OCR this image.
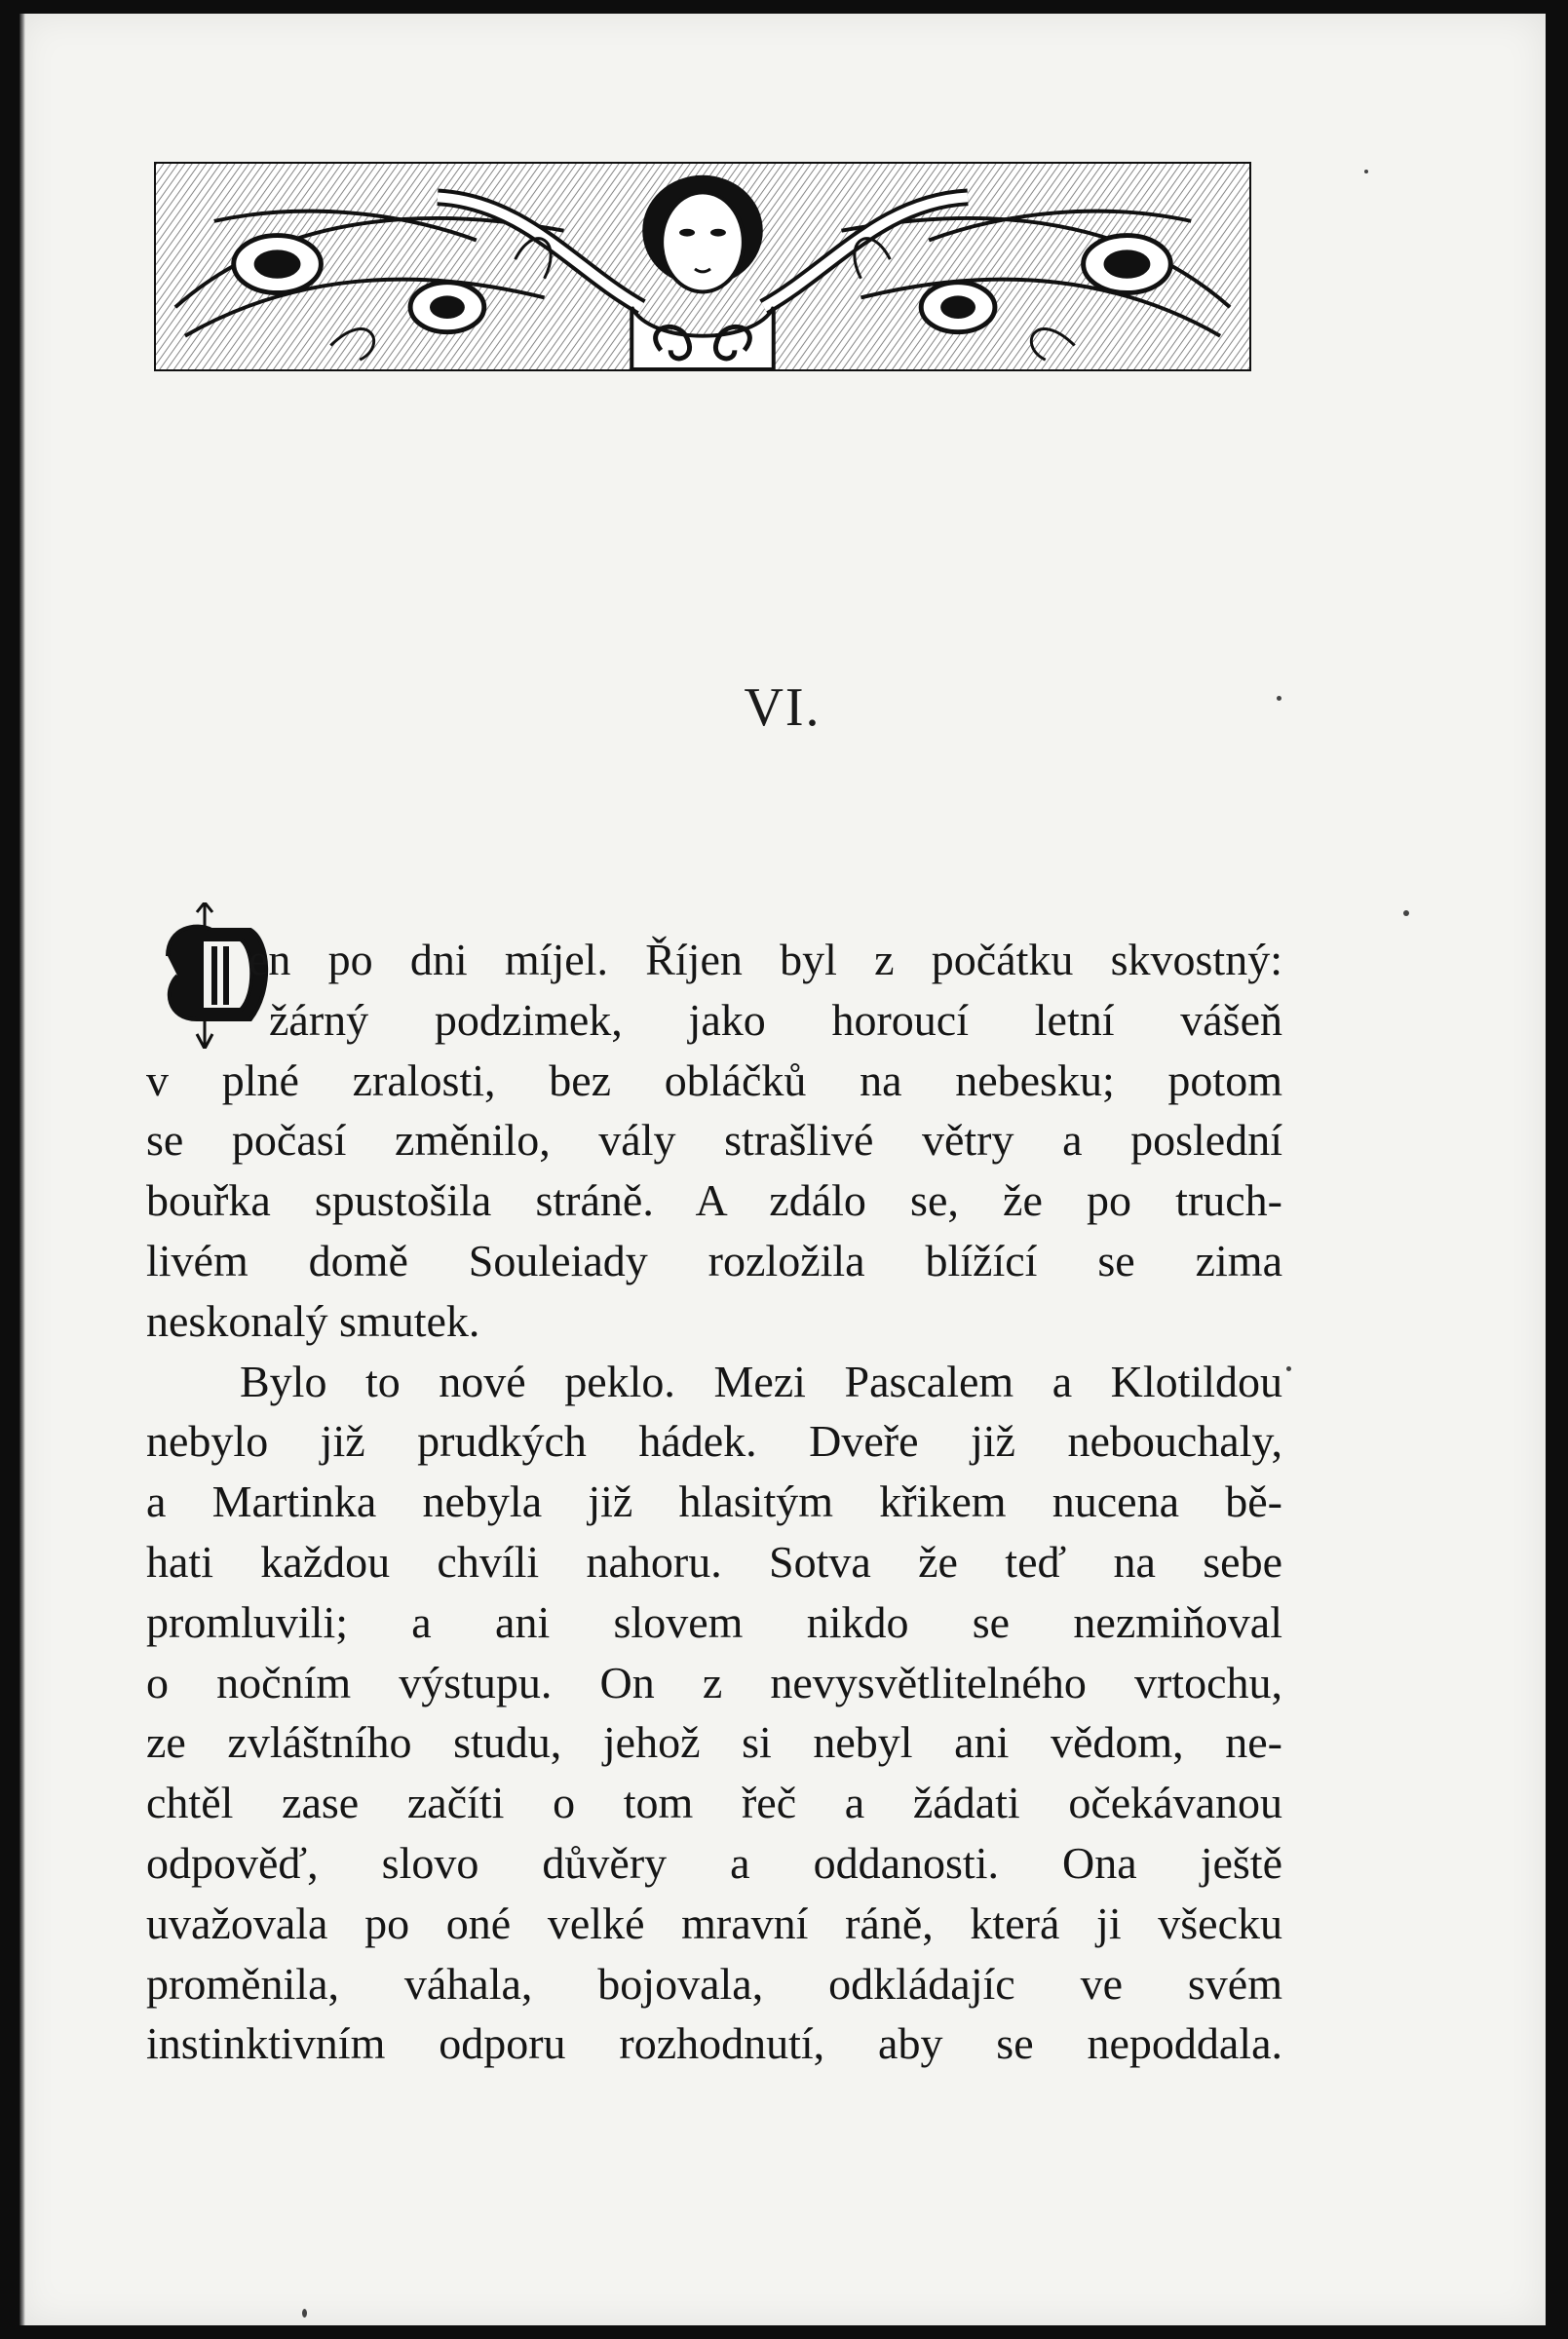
VI.
en po dni míjel. Říjen byl z počátku skvostný:
žárný podzimek, jako horoucí letní vášeň
v plné zralosti, bez obláčků na nebesku; potom
se počasí změnilo, vály strašlivé větry a poslední
bouřka spustošila stráně. A zdálo se, že po truch-
livém domě Souleiady rozložila blížící se zima
neskonalý smutek.
Bylo to nové peklo. Mezi Pascalem a Klotildou
nebylo již prudkých hádek. Dveře již nebouchaly,
a Martinka nebyla již hlasitým křikem nucena bě-
hati každou chvíli nahoru. Sotva že teď na sebe
promluvili; a ani slovem nikdo se nezmiňoval
o nočním výstupu. On z nevysvětlitelného vrtochu,
ze zvláštního studu, jehož si nebyl ani vědom, ne-
chtěl zase začíti o tom řeč a žádati očekávanou
odpověď, slovo důvěry a oddanosti. Ona ještě
uvažovala po oné velké mravní ráně, která ji všecku
proměnila, váhala, bojovala, odkládajíc ve svém
instinktivním odporu rozhodnutí, aby se nepoddala.
